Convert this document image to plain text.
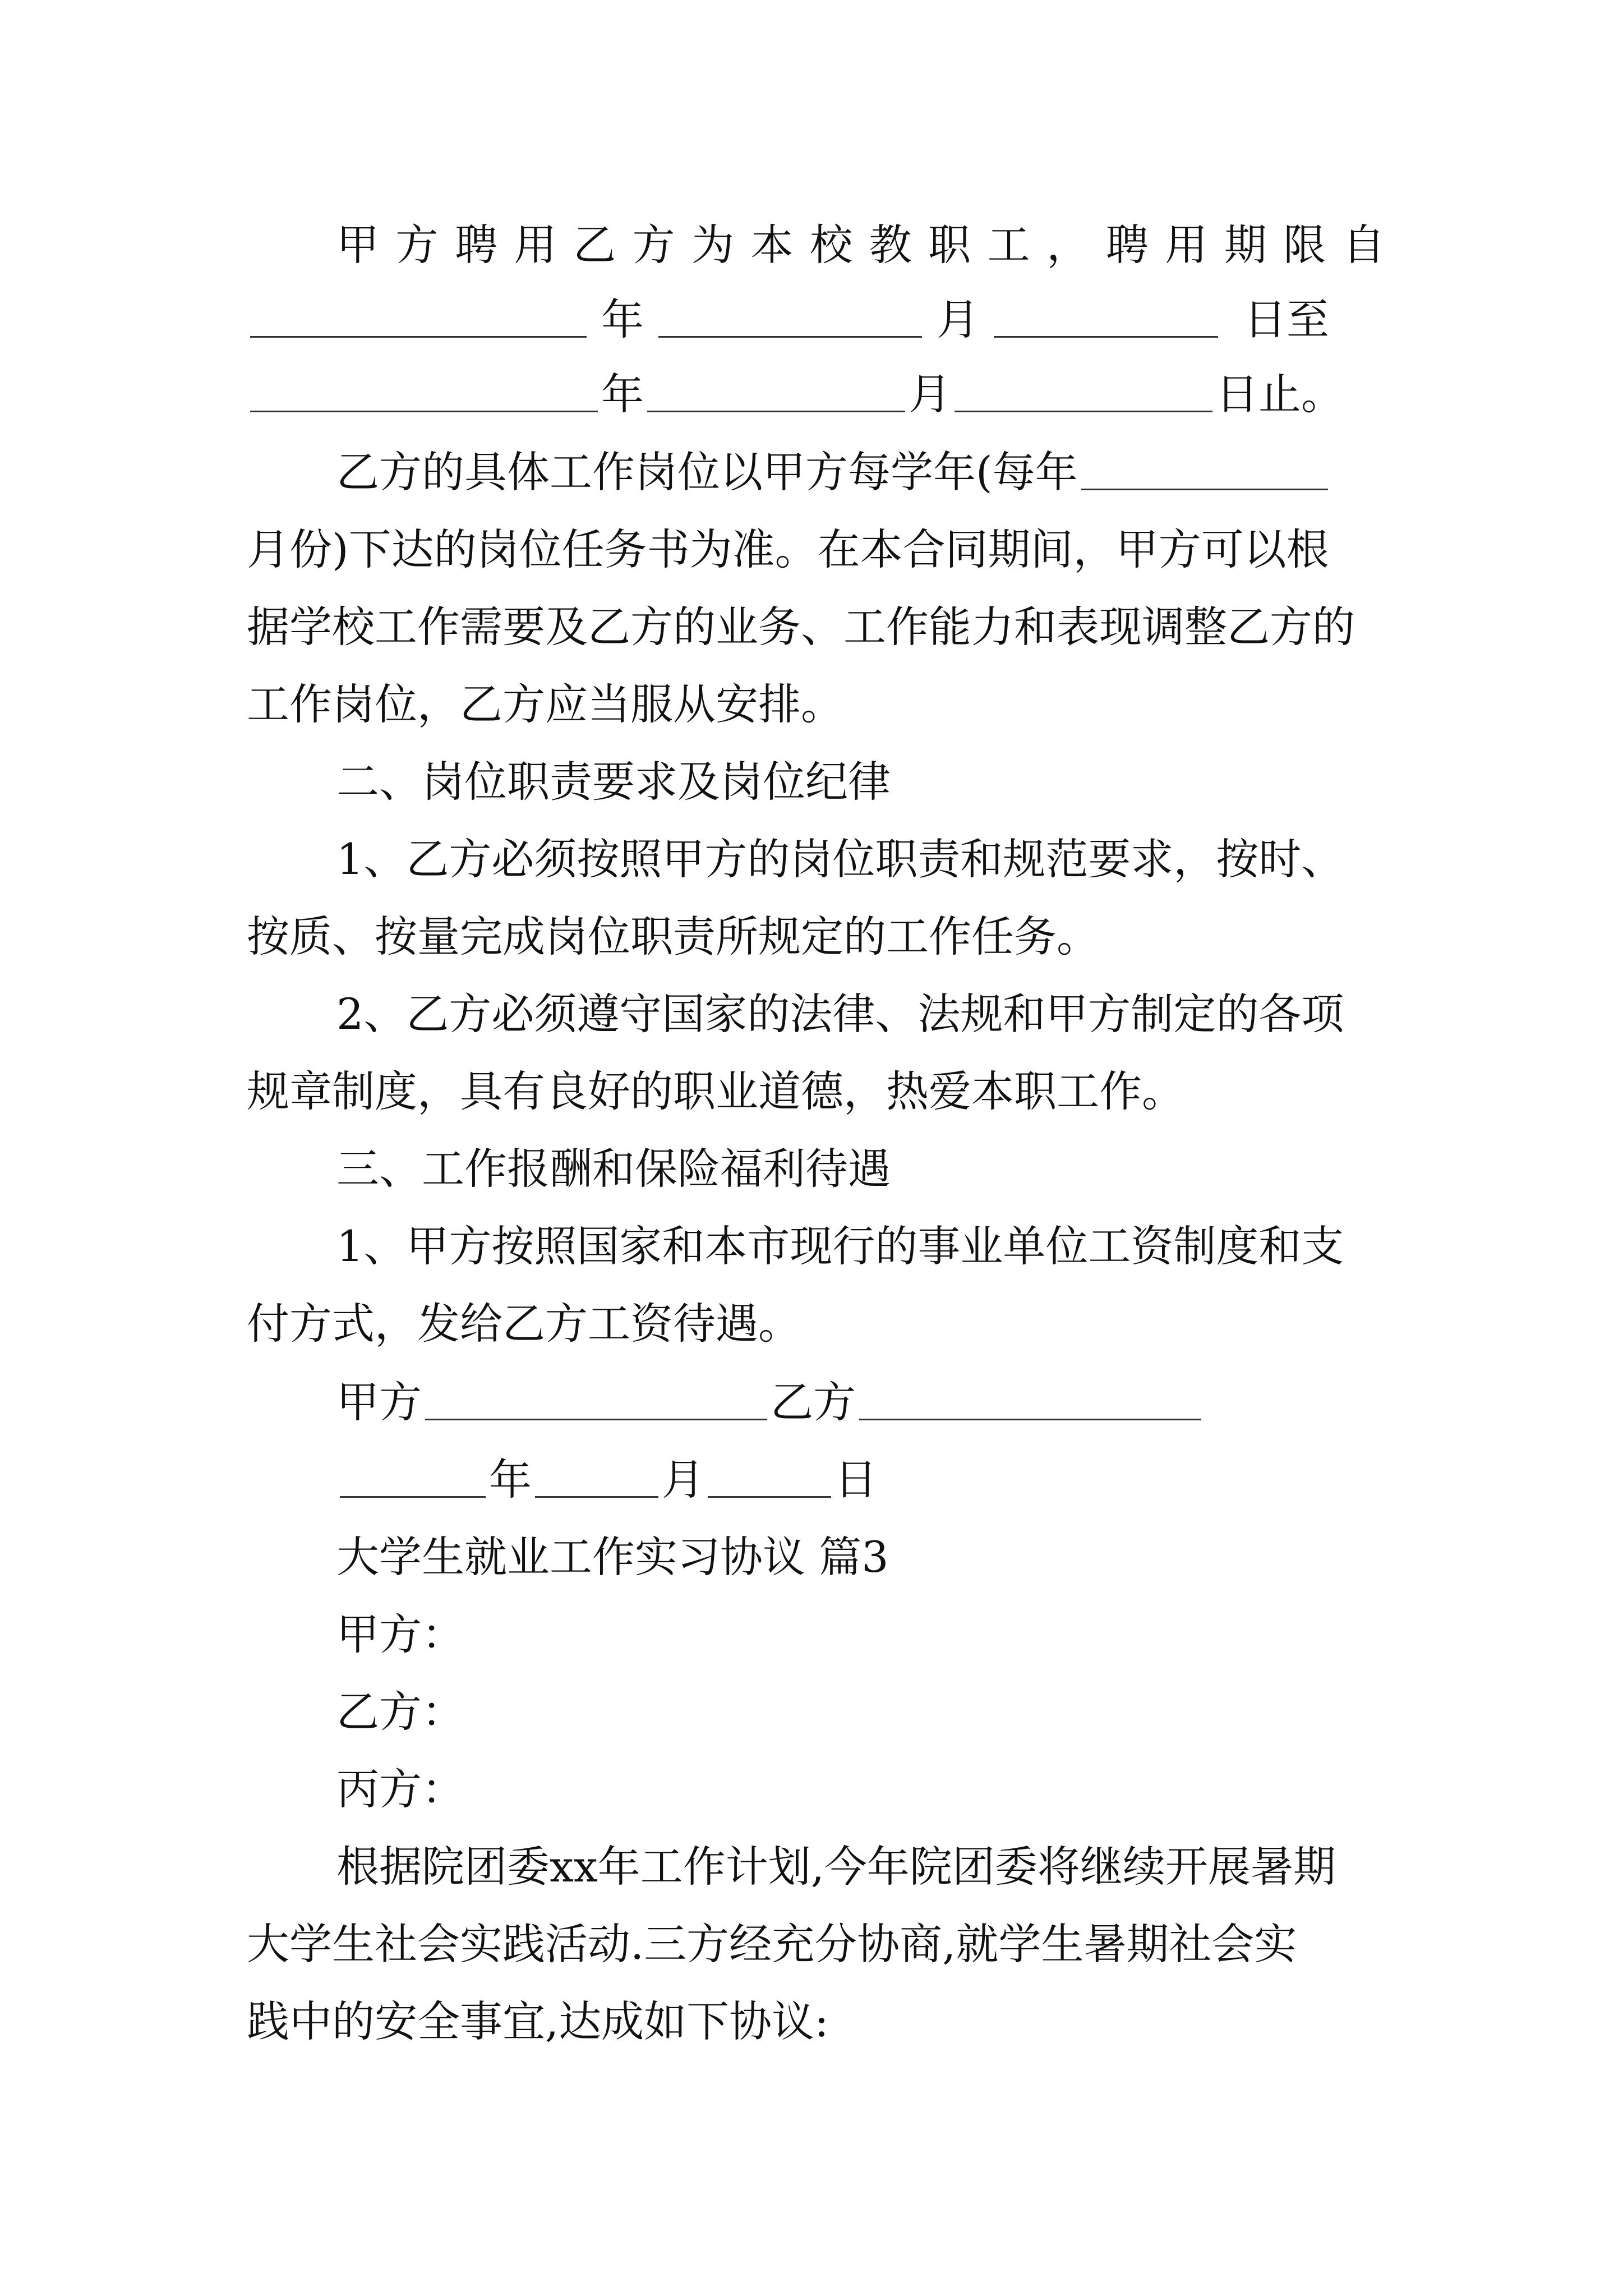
甲 方 聘 用 乙 方 为 本 校 教 职 工 ， 聘 用 期 限 自
年	月	日至
年	月	日止。
乙方的具体工作岗位以甲方每学年(每年
月份)下达的岗位任务书为准。在本合同期间，甲方可以根
据学校工作需要及乙方的业务、工作能力和表现调整乙方的
工作岗位，乙方应当服从安排。
二、岗位职责要求及岗位纪律
1、乙方必须按照甲方的岗位职责和规范要求，按时、
按质、按量完成岗位职责所规定的工作任务。
2、乙方必须遵守国家的法律、法规和甲方制定的各项
规章制度，具有良好的职业道德，热爱本职工作。
三、工作报酬和保险福利待遇
1、甲方按照国家和本市现行的事业单位工资制度和支
付方式，发给乙方工资待遇。
甲方	乙方
年	月	日
大学生就业工作实习协议 篇3
甲方：
乙方：
丙方：
根据院团委xx年工作计划,今年院团委将继续开展暑期
大学生社会实践活动.三方经充分协商,就学生暑期社会实
践中的安全事宜,达成如下协议:
